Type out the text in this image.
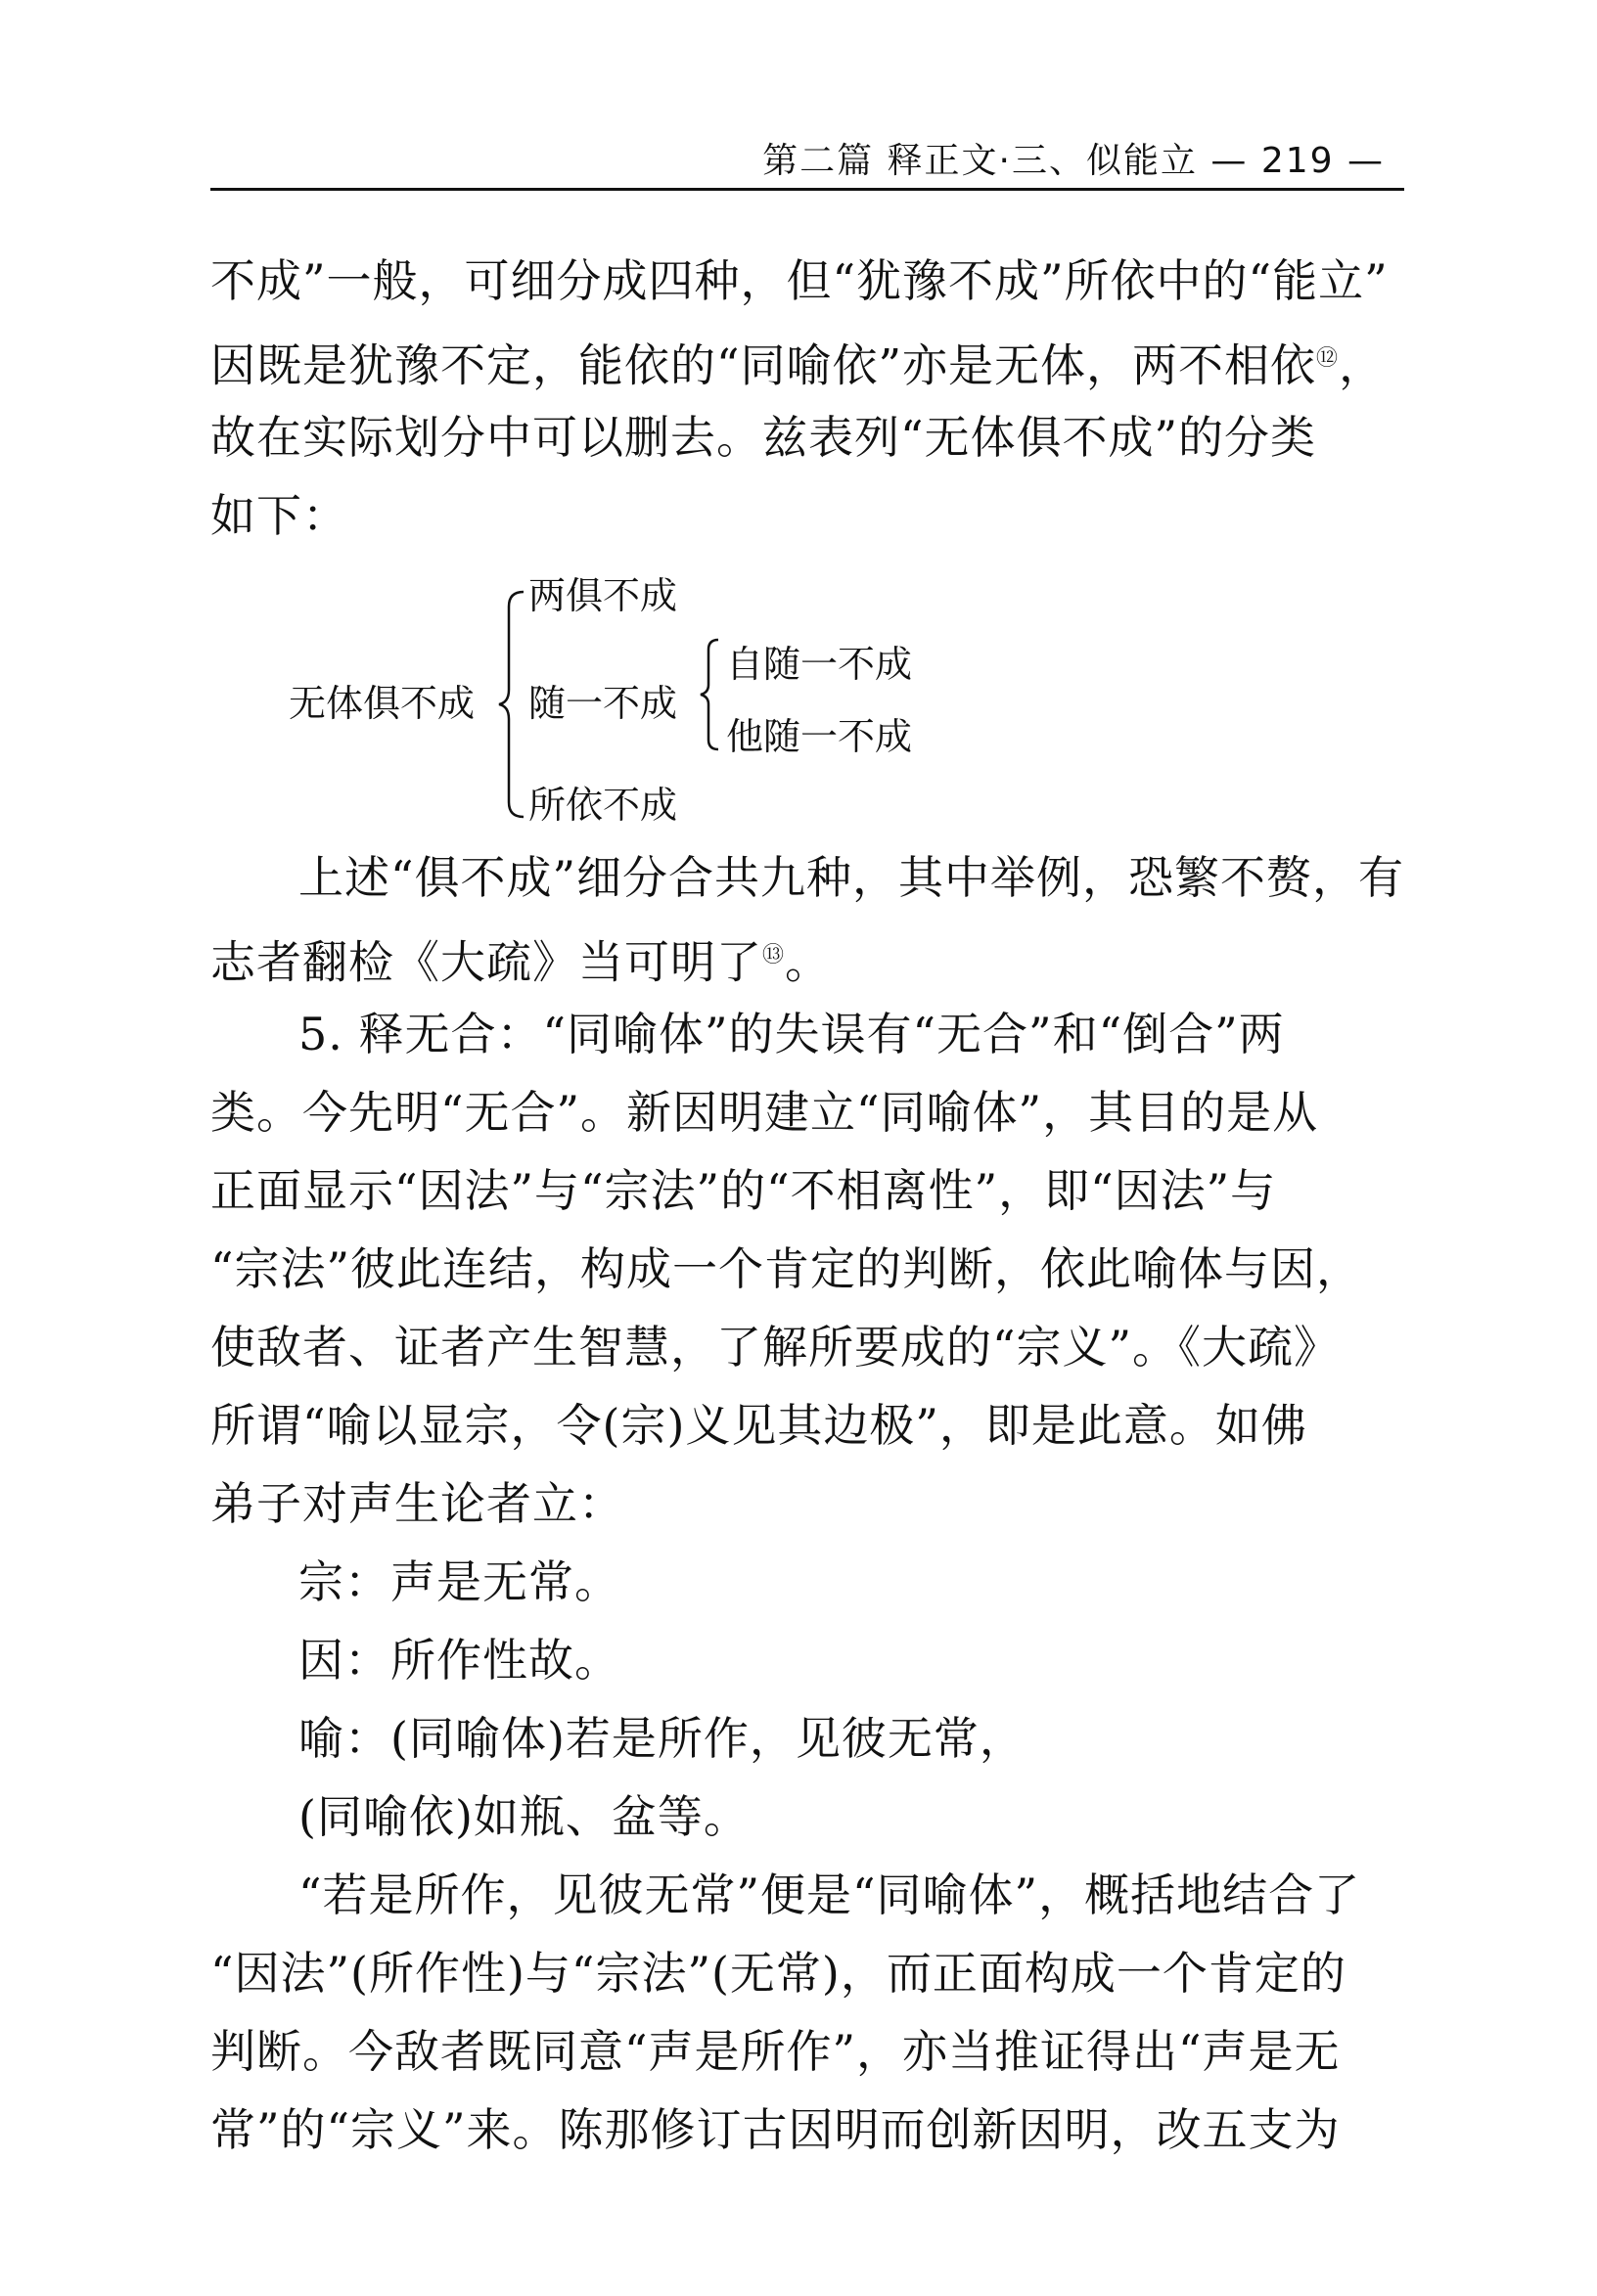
第二篇 释正文·三、似能立 — 219 —
不成”一般，可细分成四种，但“犹豫不成”所依中的“能立”
因既是犹豫不定，能依的“同喻依”亦是无体，两不相依⑫，
故在实际划分中可以删去。兹表列“无体俱不成”的分类
如下：
无体俱不成
两俱不成
随一不成
自随一不成
他随一不成
所依不成
上述“俱不成”细分合共九种，其中举例，恐繁不赘，有
志者翻检《大疏》当可明了⑬。
5. 释无合：“同喻体”的失误有“无合”和“倒合”两
类。今先明“无合”。新因明建立“同喻体”，其目的是从
正面显示“因法”与“宗法”的“不相离性”，即“因法”与
“宗法”彼此连结，构成一个肯定的判断，依此喻体与因，
使敌者、证者产生智慧，了解所要成的“宗义”。《大疏》
所谓“喻以显宗，令(宗)义见其边极”，即是此意。如佛
弟子对声生论者立：
宗：声是无常。
因：所作性故。
喻：(同喻体)若是所作，见彼无常，
(同喻依)如瓶、盆等。
“若是所作，见彼无常”便是“同喻体”，概括地结合了
“因法”(所作性)与“宗法”(无常)，而正面构成一个肯定的
判断。今敌者既同意“声是所作”，亦当推证得出“声是无
常”的“宗义”来。陈那修订古因明而创新因明，改五支为
